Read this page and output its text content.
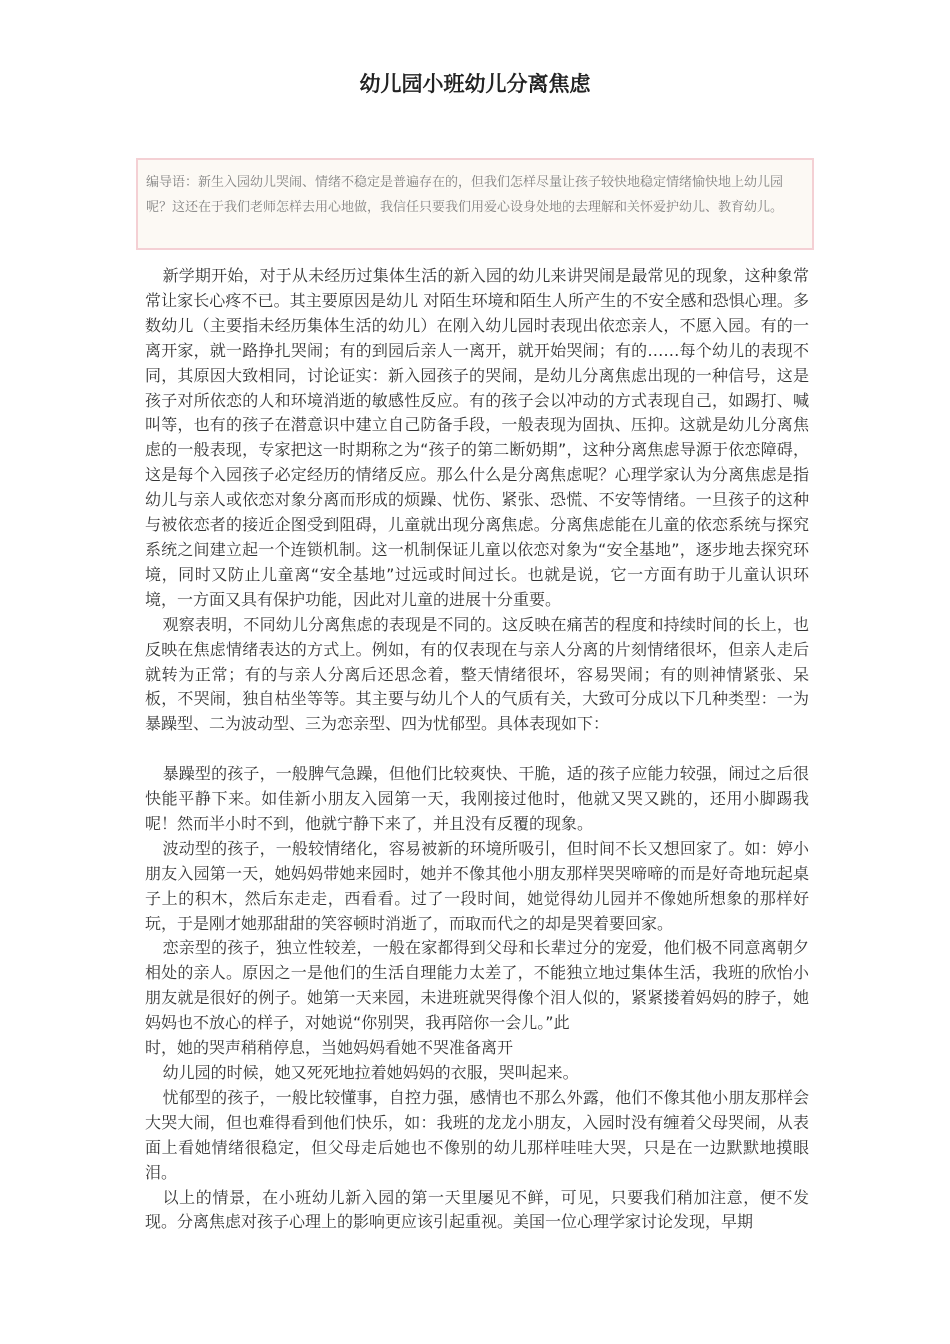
幼儿园小班幼儿分离焦虑

编导语：新生入园幼儿哭闹、情绪不稳定是普遍存在的，但我们怎样尽量让孩子较快地稳定情绪愉快地上幼儿园呢？这还在于我们老师怎样去用心地做，我信任只要我们用爱心设身处地的去理解和关怀爱护幼儿、教育幼儿。

新学期开始，对于从未经历过集体生活的新入园的幼儿来讲哭闹是最常见的现象，这种象常常让家长心疼不已。其主要原因是幼儿 对陌生环境和陌生人所产生的不安全感和恐惧心理。多数幼儿（主要指未经历集体生活的幼儿）在刚入幼儿园时表现出依恋亲人，不愿入园。有的一离开家，就一路挣扎哭闹；有的到园后亲人一离开，就开始哭闹；有的……每个幼儿的表现不同，其原因大致相同，讨论证实：新入园孩子的哭闹，是幼儿分离焦虑出现的一种信号，这是孩子对所依恋的人和环境消逝的敏感性反应。有的孩子会以冲动的方式表现自己，如踢打、喊叫等，也有的孩子在潜意识中建立自己防备手段，一般表现为固执、压抑。这就是幼儿分离焦虑的一般表现，专家把这一时期称之为“孩子的第二断奶期”，这种分离焦虑导源于依恋障碍，这是每个入园孩子必定经历的情绪反应。那么什么是分离焦虑呢？心理学家认为分离焦虑是指幼儿与亲人或依恋对象分离而形成的烦躁、忧伤、紧张、恐慌、不安等情绪。一旦孩子的这种与被依恋者的接近企图受到阻碍，儿童就出现分离焦虑。分离焦虑能在儿童的依恋系统与探究系统之间建立起一个连锁机制。这一机制保证儿童以依恋对象为“安全基地”，逐步地去探究环境，同时又防止儿童离“安全基地”过远或时间过长。也就是说，它一方面有助于儿童认识环境，一方面又具有保护功能，因此对儿童的进展十分重要。

观察表明，不同幼儿分离焦虑的表现是不同的。这反映在痛苦的程度和持续时间的长上，也反映在焦虑情绪表达的方式上。例如，有的仅表现在与亲人分离的片刻情绪很坏，但亲人走后就转为正常；有的与亲人分离后还思念着，整天情绪很坏，容易哭闹；有的则神情紧张、呆板，不哭闹，独自枯坐等等。其主要与幼儿个人的气质有关，大致可分成以下几种类型：一为暴躁型、二为波动型、三为恋亲型、四为忧郁型。具体表现如下：

暴躁型的孩子，一般脾气急躁，但他们比较爽快、干脆，适的孩子应能力较强，闹过之后很快能平静下来。如佳新小朋友入园第一天，我刚接过他时，他就又哭又跳的，还用小脚踢我呢！然而半小时不到，他就宁静下来了，并且没有反覆的现象。

波动型的孩子，一般较情绪化，容易被新的环境所吸引，但时间不长又想回家了。如：婷小朋友入园第一天，她妈妈带她来园时，她并不像其他小朋友那样哭哭啼啼的而是好奇地玩起桌子上的积木，然后东走走，西看看。过了一段时间，她觉得幼儿园并不像她所想象的那样好玩，于是刚才她那甜甜的笑容顿时消逝了，而取而代之的却是哭着要回家。

恋亲型的孩子，独立性较差，一般在家都得到父母和长辈过分的宠爱，他们极不同意离朝夕相处的亲人。原因之一是他们的生活自理能力太差了，不能独立地过集体生活，我班的欣怡小朋友就是很好的例子。她第一天来园，未进班就哭得像个泪人似的，紧紧搂着妈妈的脖子，她妈妈也不放心的样子，对她说“你别哭，我再陪你一会儿。”此

时，她的哭声稍稍停息，当她妈妈看她不哭准备离开

幼儿园的时候，她又死死地拉着她妈妈的衣服，哭叫起来。

忧郁型的孩子，一般比较懂事，自控力强，感情也不那么外露，他们不像其他小朋友那样会大哭大闹，但也难得看到他们快乐，如：我班的龙龙小朋友，入园时没有缠着父母哭闹，从表面上看她情绪很稳定，但父母走后她也不像别的幼儿那样哇哇大哭，只是在一边默默地摸眼泪。

以上的情景，在小班幼儿新入园的第一天里屡见不鲜，可见，只要我们稍加注意，便不发现。分离焦虑对孩子心理上的影响更应该引起重视。美国一位心理学家讨论发现，早期
